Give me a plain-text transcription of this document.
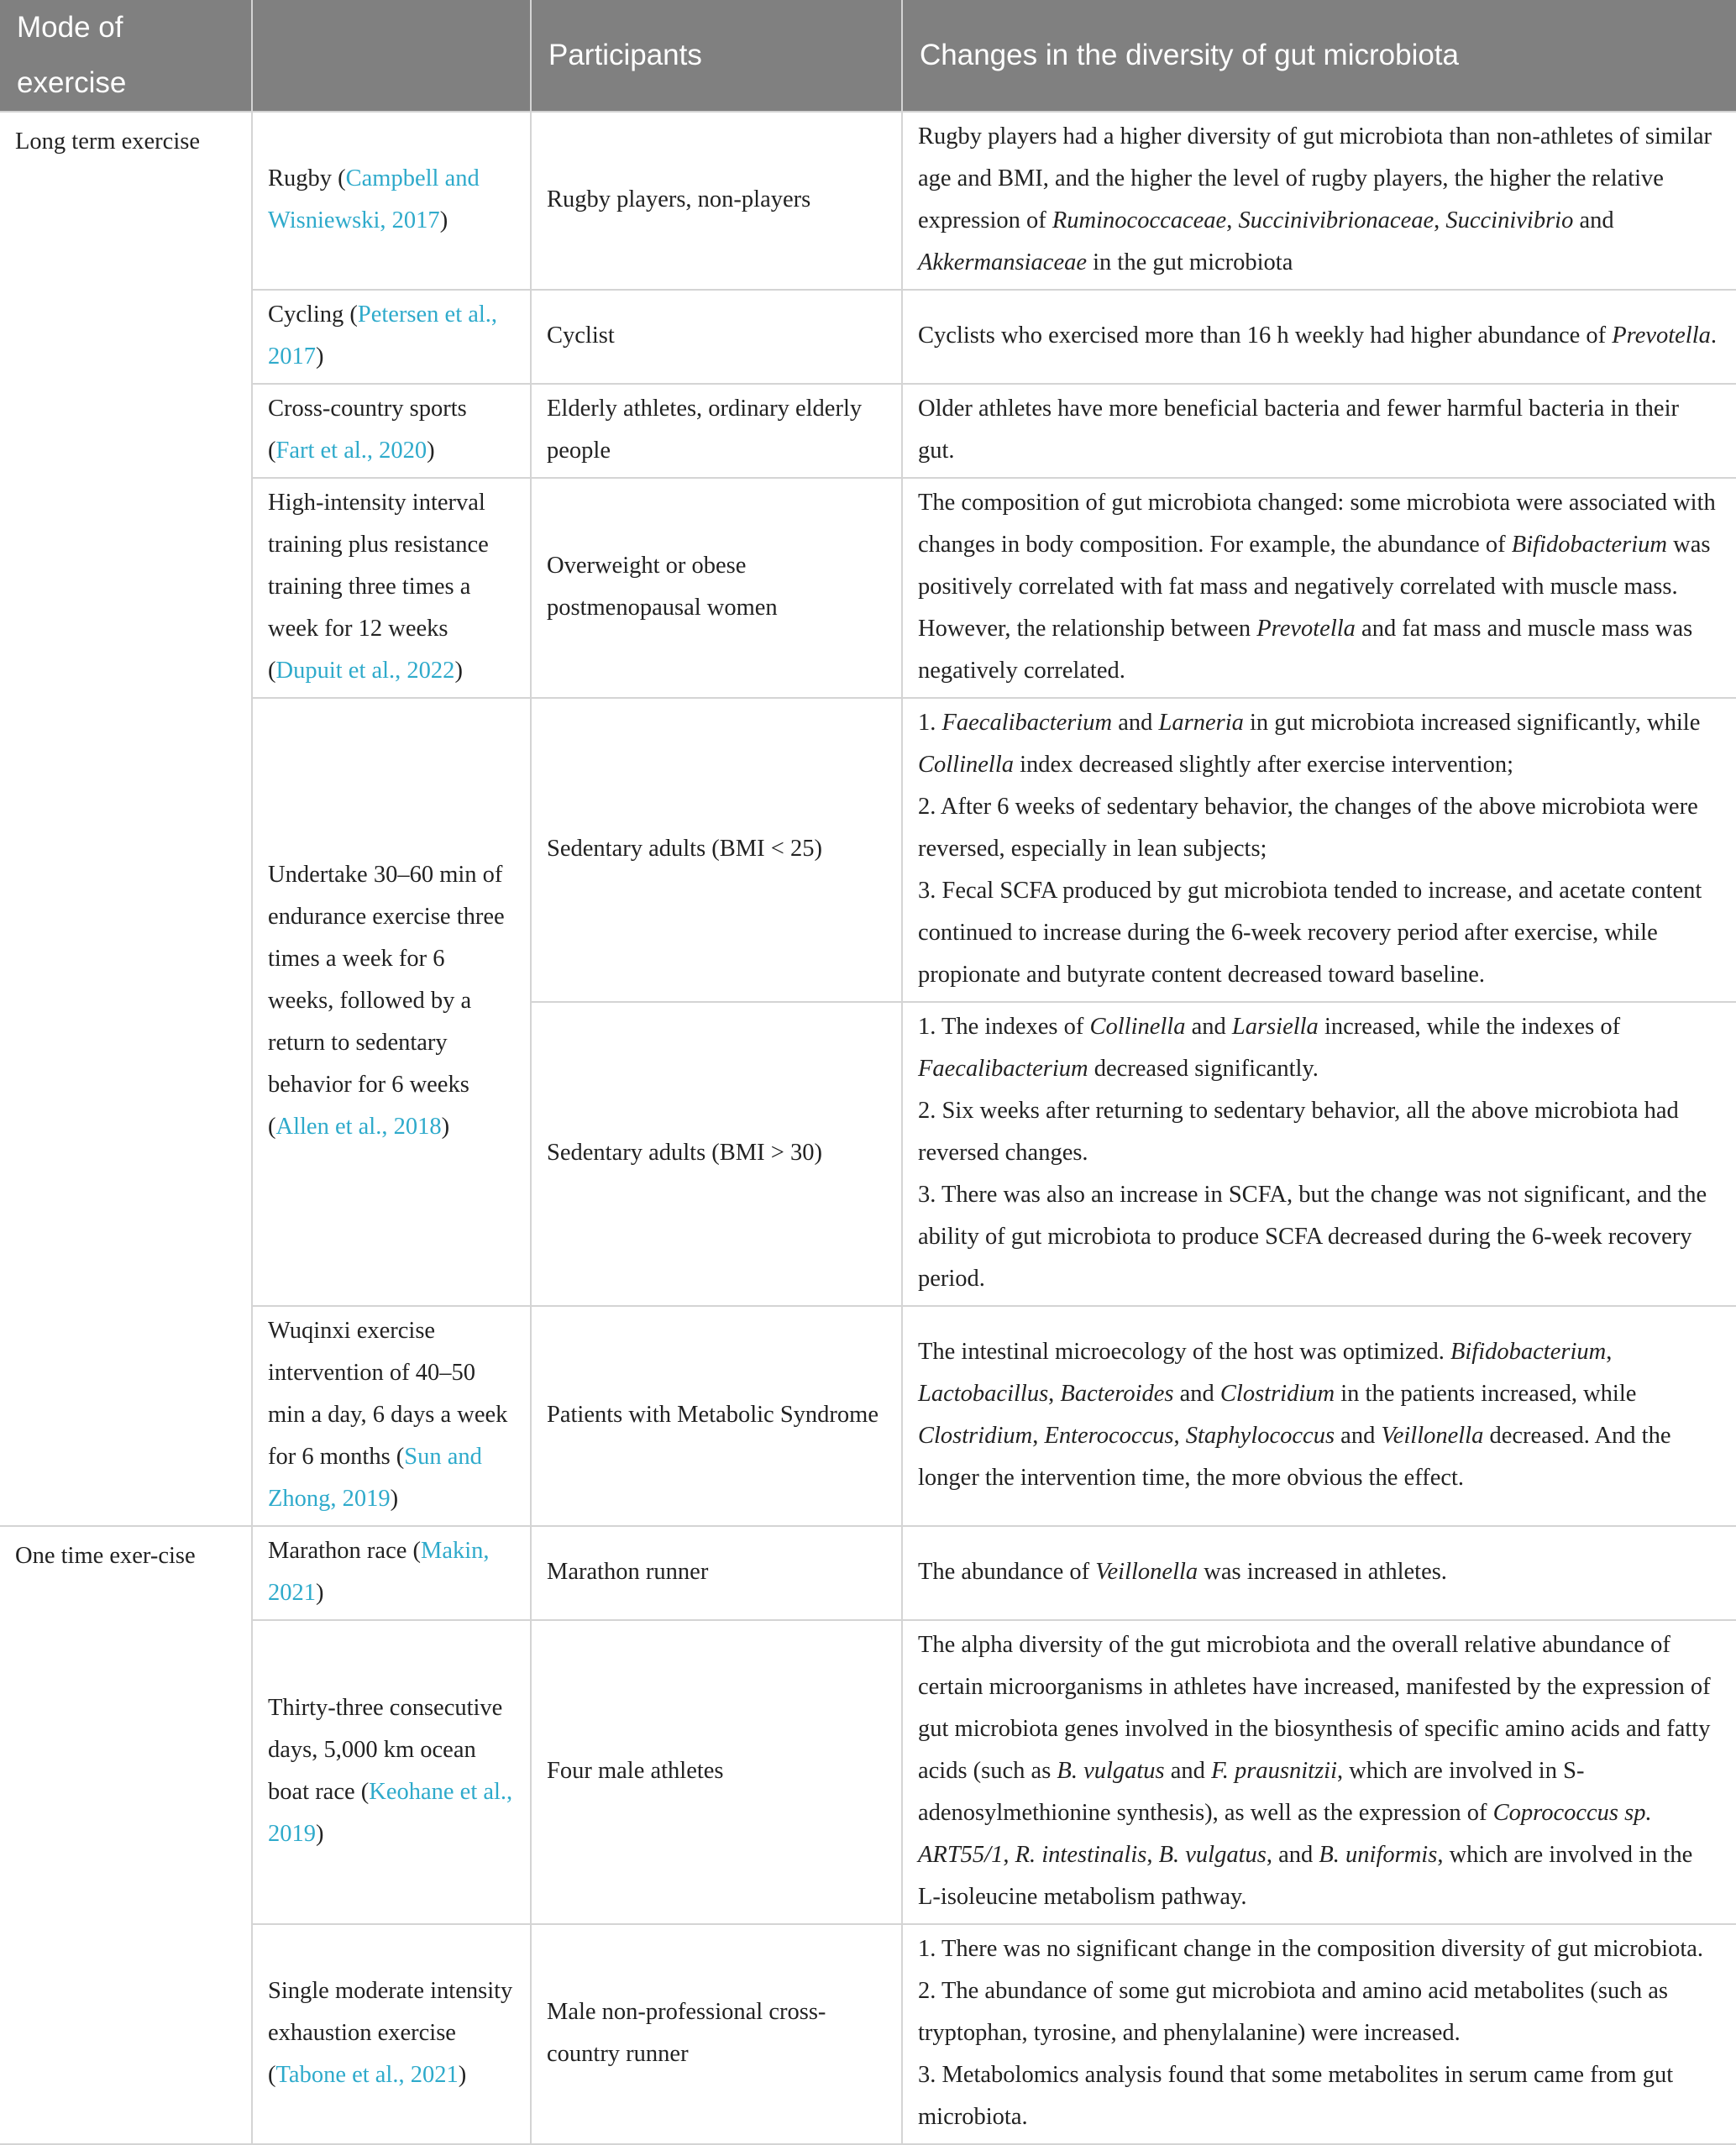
Mode of exercise		Participants	Changes in the diversity of gut microbiota
Long term exercise	Rugby (Campbell and Wisniewski, 2017)	Rugby players, non-players	Rugby players had a higher diversity of gut microbiota than non-athletes of similar age and BMI, and the higher the level of rugby players, the higher the relative expression of Ruminococcaceae, Succinivibrionaceae, Succinivibrio and Akkermansiaceae in the gut microbiota
	Cycling (Petersen et al., 2017)	Cyclist	Cyclists who exercised more than 16 h weekly had higher abundance of Prevotella.
	Cross-country sports (Fart et al., 2020)	Elderly athletes, ordinary elderly people	Older athletes have more beneficial bacteria and fewer harmful bacteria in their gut.
	High-intensity interval training plus resistance training three times a week for 12 weeks (Dupuit et al., 2022)	Overweight or obese postmenopausal women	The composition of gut microbiota changed: some microbiota were associated with changes in body composition. For example, the abundance of Bifidobacterium was positively correlated with fat mass and negatively correlated with muscle mass. However, the relationship between Prevotella and fat mass and muscle mass was negatively correlated.
	Undertake 30–60 min of endurance exercise three times a week for 6 weeks, followed by a return to sedentary behavior for 6 weeks (Allen et al., 2018)	Sedentary adults (BMI < 25)	1. Faecalibacterium and Larneria in gut microbiota increased significantly, while Collinella index decreased slightly after exercise intervention;
2. After 6 weeks of sedentary behavior, the changes of the above microbiota were reversed, especially in lean subjects;
3. Fecal SCFA produced by gut microbiota tended to increase, and acetate content continued to increase during the 6-week recovery period after exercise, while propionate and butyrate content decreased toward baseline.

		Sedentary adults (BMI > 30)	1. The indexes of Collinella and Larsiella increased, while the indexes of Faecalibacterium decreased significantly.
2. Six weeks after returning to sedentary behavior, all the above microbiota had reversed changes.
3. There was also an increase in SCFA, but the change was not significant, and the ability of gut microbiota to produce SCFA decreased during the 6-week recovery period.

	Wuqinxi exercise intervention of 40–50 min a day, 6 days a week for 6 months (Sun and Zhong, 2019)	Patients with Metabolic Syndrome	The intestinal microecology of the host was optimized. Bifidobacterium, Lactobacillus, Bacteroides and Clostridium in the patients increased, while Clostridium, Enterococcus, Staphylococcus and Veillonella decreased. And the longer the intervention time, the more obvious the effect.
One time exer-cise	Marathon race (Makin, 2021)	Marathon runner	The abundance of Veillonella was increased in athletes.
	Thirty-three consecutive days, 5,000 km ocean boat race (Keohane et al., 2019)	Four male athletes	The alpha diversity of the gut microbiota and the overall relative abundance of certain microorganisms in athletes have increased, manifested by the expression of gut microbiota genes involved in the biosynthesis of specific amino acids and fatty acids (such as B. vulgatus and F. prausnitzii, which are involved in S-adenosylmethionine synthesis), as well as the expression of Coprococcus sp. ART55/1, R. intestinalis, B. vulgatus, and B. uniformis, which are involved in the L-isoleucine metabolism pathway.
	Single moderate intensity exhaustion exercise (Tabone et al., 2021)	Male non-professional cross-country runner	1. There was no significant change in the composition diversity of gut microbiota.
2. The abundance of some gut microbiota and amino acid metabolites (such as tryptophan, tyrosine, and phenylalanine) were increased.
3. Metabolomics analysis found that some metabolites in serum came from gut microbiota.
